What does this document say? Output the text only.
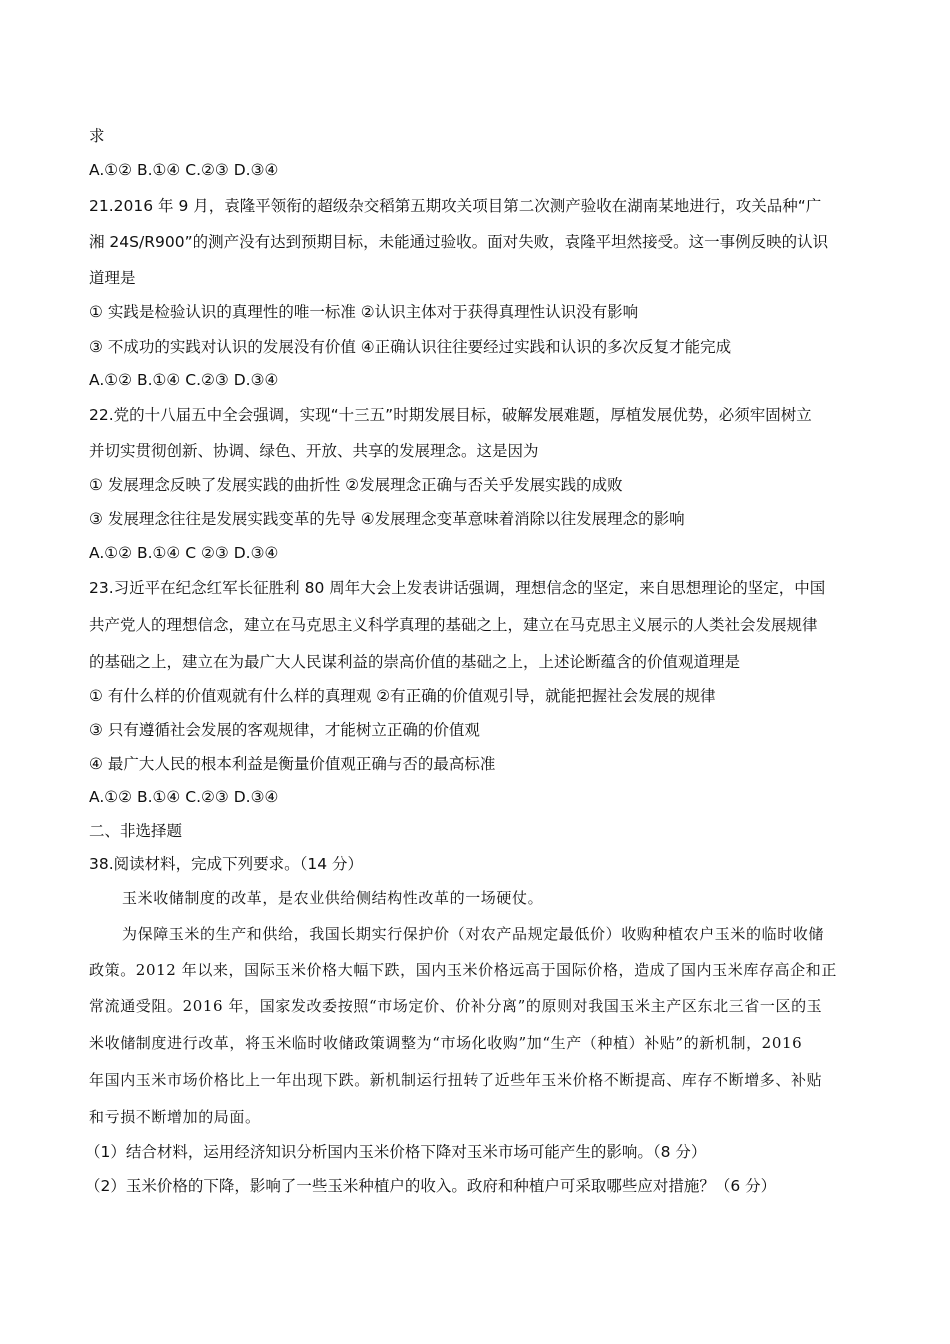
求
A.①② B.①④ C.②③ D.③④
21.2016 年 9 月，袁隆平领衔的超级杂交稻第五期攻关项目第二次测产验收在湖南某地进行，攻关品种“广
湘 24S/R900”的测产没有达到预期目标，未能通过验收。面对失败，袁隆平坦然接受。这一事例反映的认识
道理是
① 实践是检验认识的真理性的唯一标准 ②认识主体对于获得真理性认识没有影响
③ 不成功的实践对认识的发展没有价值 ④正确认识往往要经过实践和认识的多次反复才能完成
A.①② B.①④ C.②③ D.③④
22.党的十八届五中全会强调，实现“十三五”时期发展目标，破解发展难题，厚植发展优势，必须牢固树立
并切实贯彻创新、协调、绿色、开放、共享的发展理念。这是因为
① 发展理念反映了发展实践的曲折性 ②发展理念正确与否关乎发展实践的成败
③ 发展理念往往是发展实践变革的先导 ④发展理念变革意味着消除以往发展理念的影响
A.①② B.①④ C ②③ D.③④
23.习近平在纪念红军长征胜利 80 周年大会上发表讲话强调，理想信念的坚定，来自思想理论的坚定，中国
共产党人的理想信念，建立在马克思主义科学真理的基础之上，建立在马克思主义展示的人类社会发展规律
的基础之上，建立在为最广大人民谋利益的崇高价值的基础之上，上述论断蕴含的价值观道理是
① 有什么样的价值观就有什么样的真理观 ②有正确的价值观引导，就能把握社会发展的规律
③ 只有遵循社会发展的客观规律，才能树立正确的价值观
④ 最广大人民的根本利益是衡量价值观正确与否的最高标准
A.①② B.①④ C.②③ D.③④
二、非选择题
38.阅读材料，完成下列要求。（14 分）
玉米收储制度的改革，是农业供给侧结构性改革的一场硬仗。
为保障玉米的生产和供给，我国长期实行保护价（对农产品规定最低价）收购种植农户玉米的临时收储
政策。2012 年以来，国际玉米价格大幅下跌，国内玉米价格远高于国际价格，造成了国内玉米库存高企和正
常流通受阻。2016 年，国家发改委按照“市场定价、价补分离”的原则对我国玉米主产区东北三省一区的玉
米收储制度进行改革，将玉米临时收储政策调整为“市场化收购”加“生产（种植）补贴”的新机制，2016
年国内玉米市场价格比上一年出现下跌。新机制运行扭转了近些年玉米价格不断提高、库存不断增多、补贴
和亏损不断增加的局面。
（1）结合材料，运用经济知识分析国内玉米价格下降对玉米市场可能产生的影响。（8 分）
（2）玉米价格的下降，影响了一些玉米种植户的收入。政府和种植户可采取哪些应对措施？（6 分）
